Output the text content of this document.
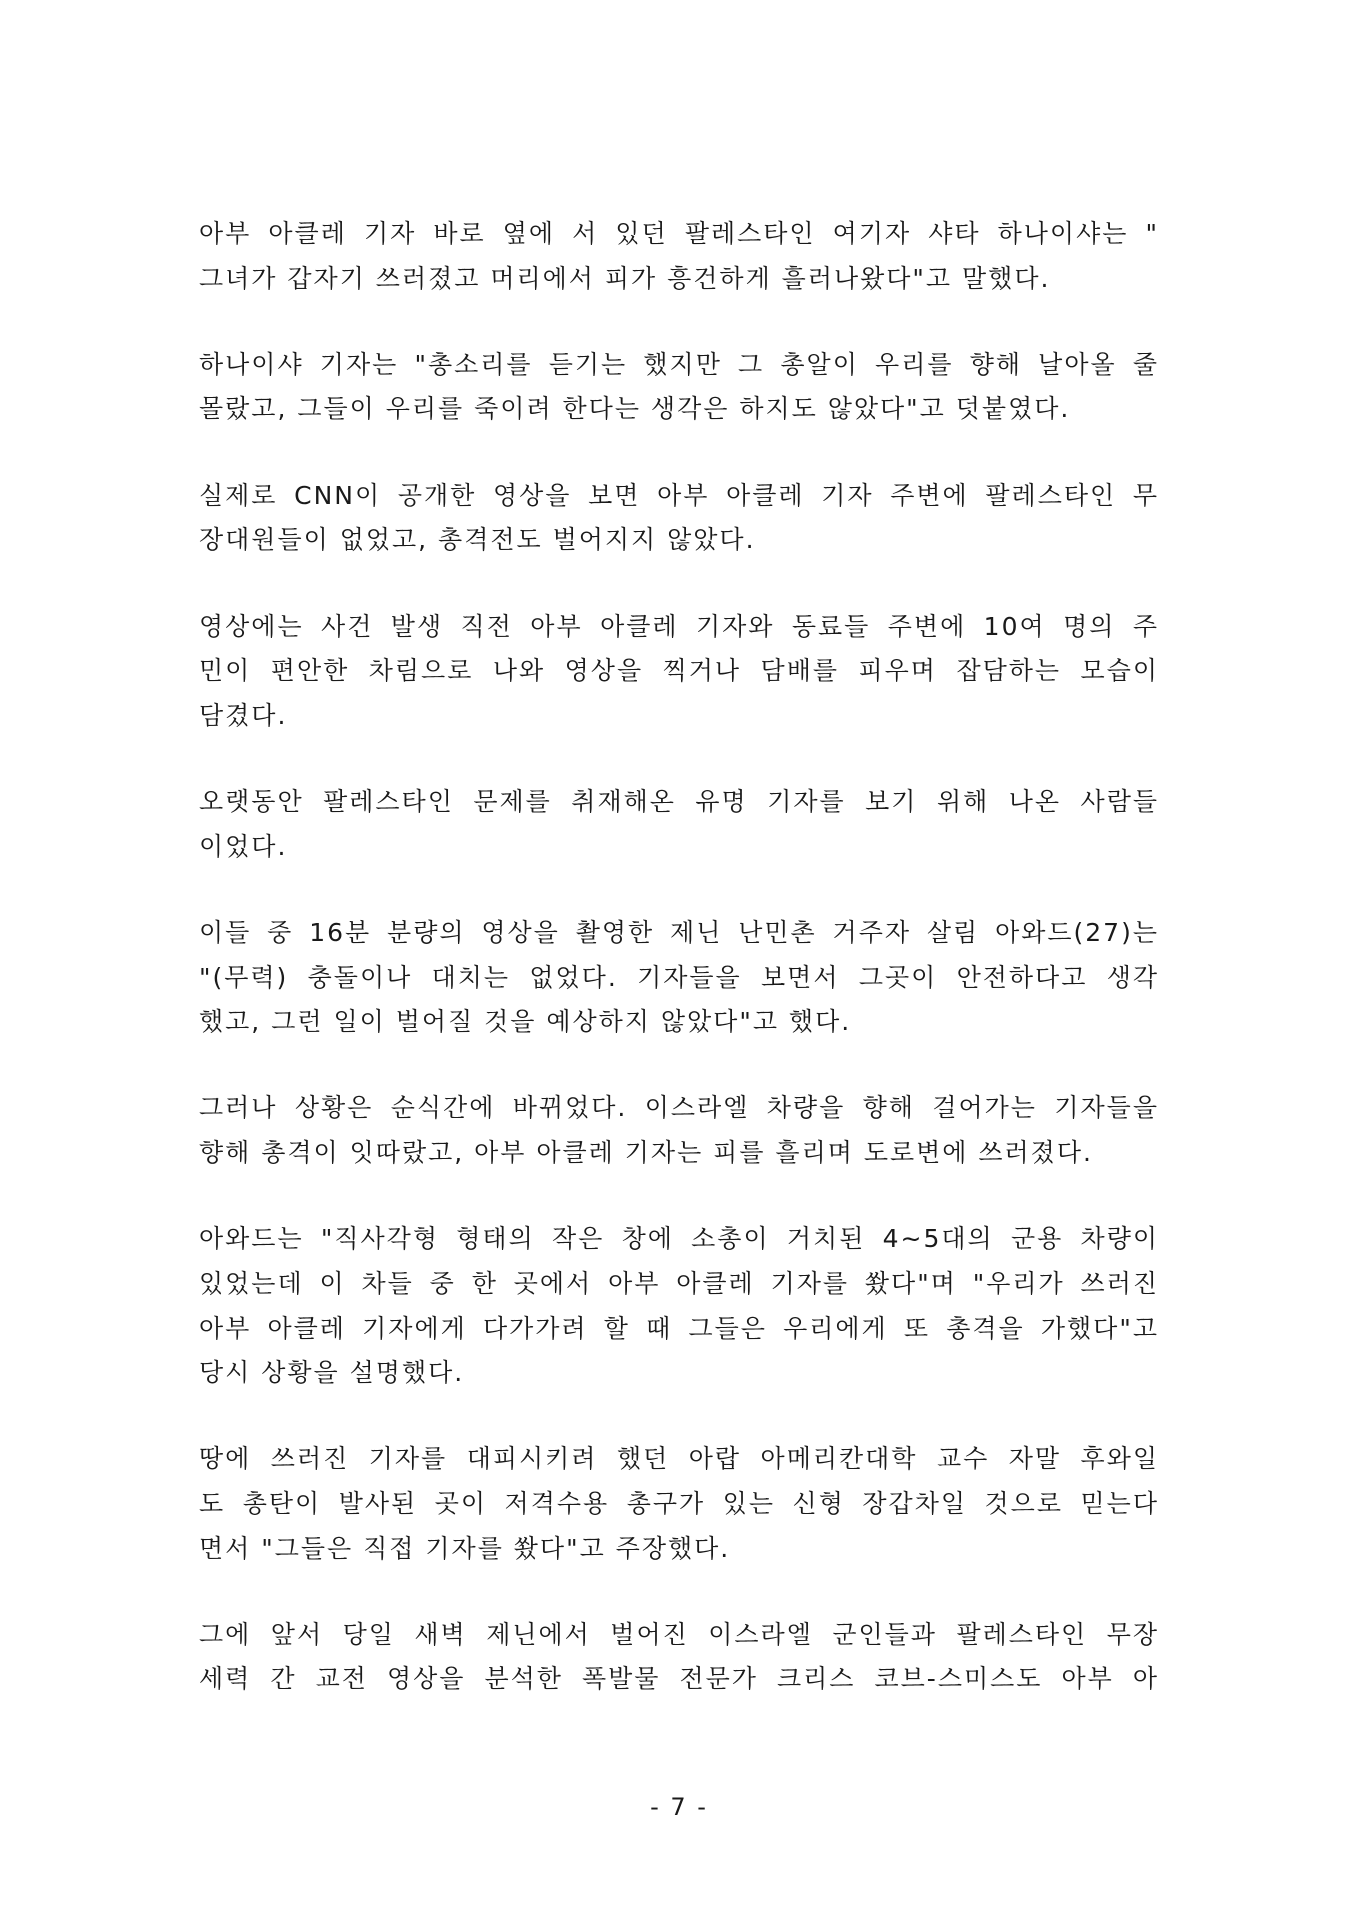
아부 아클레 기자 바로 옆에 서 있던 팔레스타인 여기자 샤타 하나이샤는 "
그녀가 갑자기 쓰러졌고 머리에서 피가 흥건하게 흘러나왔다"고 말했다.
하나이샤 기자는 "총소리를 듣기는 했지만 그 총알이 우리를 향해 날아올 줄
몰랐고, 그들이 우리를 죽이려 한다는 생각은 하지도 않았다"고 덧붙였다.
실제로 CNN이 공개한 영상을 보면 아부 아클레 기자 주변에 팔레스타인 무
장대원들이 없었고, 총격전도 벌어지지 않았다.
영상에는 사건 발생 직전 아부 아클레 기자와 동료들 주변에 10여 명의 주
민이 편안한 차림으로 나와 영상을 찍거나 담배를 피우며 잡담하는 모습이
담겼다.
오랫동안 팔레스타인 문제를 취재해온 유명 기자를 보기 위해 나온 사람들
이었다.
이들 중 16분 분량의 영상을 촬영한 제닌 난민촌 거주자 살림 아와드(27)는
"(무력) 충돌이나 대치는 없었다. 기자들을 보면서 그곳이 안전하다고 생각
했고, 그런 일이 벌어질 것을 예상하지 않았다"고 했다.
그러나 상황은 순식간에 바뀌었다. 이스라엘 차량을 향해 걸어가는 기자들을
향해 총격이 잇따랐고, 아부 아클레 기자는 피를 흘리며 도로변에 쓰러졌다.
아와드는 "직사각형 형태의 작은 창에 소총이 거치된 4∼5대의 군용 차량이
있었는데 이 차들 중 한 곳에서 아부 아클레 기자를 쐈다"며 "우리가 쓰러진
아부 아클레 기자에게 다가가려 할 때 그들은 우리에게 또 총격을 가했다"고
당시 상황을 설명했다.
땅에 쓰러진 기자를 대피시키려 했던 아랍 아메리칸대학 교수 자말 후와일
도 총탄이 발사된 곳이 저격수용 총구가 있는 신형 장갑차일 것으로 믿는다
면서 "그들은 직접 기자를 쐈다"고 주장했다.
그에 앞서 당일 새벽 제닌에서 벌어진 이스라엘 군인들과 팔레스타인 무장
세력 간 교전 영상을 분석한 폭발물 전문가 크리스 코브-스미스도 아부 아
- 7 -
